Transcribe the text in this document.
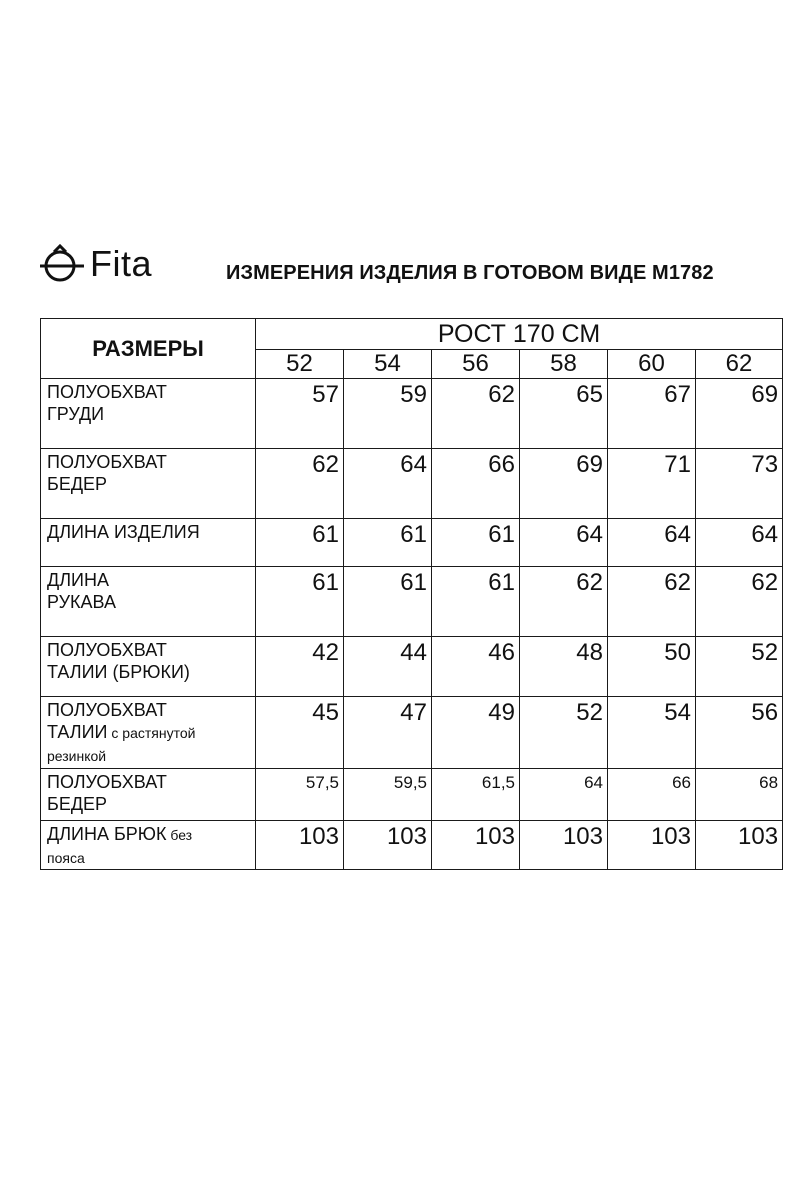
Fita	ИЗМЕРЕНИЯ ИЗДЕЛИЯ В ГОТОВОМ ВИДЕ М1782
РАЗМЕРЫ	РОСТ 170 СМ					
	52	54	56	58	60	62
ПОЛУОБХВАТ
ГРУДИ	57	59	62	65	67	69
ПОЛУОБХВАТ
БЕДЕР	62	64	66	69	71	73
ДЛИНА ИЗДЕЛИЯ	61	61	61	64	64	64
ДЛИНА
РУКАВА	61	61	61	62	62	62
ПОЛУОБХВАТ
ТАЛИИ (БРЮКИ)	42	44	46	48	50	52
ПОЛУОБХВАТ
ТАЛИИ с растянутой
резинкой	45	47	49	52	54	56
ПОЛУОБХВАТ
БЕДЕР	57,5	59,5	61,5	64	66	68
ДЛИНА БРЮК без
пояса	103	103	103	103	103	103
